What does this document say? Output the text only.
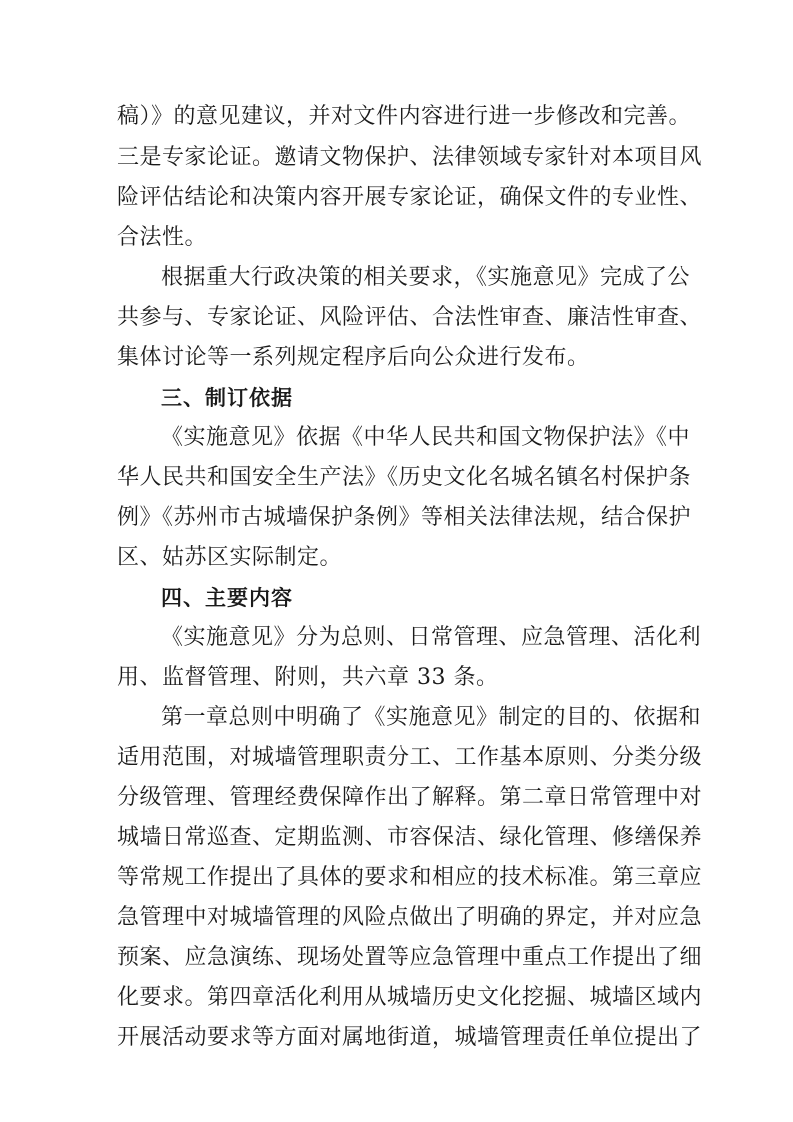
稿）》的意见建议，并对文件内容进行进一步修改和完善。
三是专家论证。邀请文物保护、法律领域专家针对本项目风
险评估结论和决策内容开展专家论证，确保文件的专业性、
合法性。
根据重大行政决策的相关要求，《实施意见》完成了公
共参与、专家论证、风险评估、合法性审查、廉洁性审查、
集体讨论等一系列规定程序后向公众进行发布。
三、制订依据
《实施意见》依据《中华人民共和国文物保护法》《中
华人民共和国安全生产法》《历史文化名城名镇名村保护条
例》《苏州市古城墙保护条例》等相关法律法规，结合保护
区、姑苏区实际制定。
四、主要内容
《实施意见》分为总则、日常管理、应急管理、活化利
用、监督管理、附则，共六章 33 条。
第一章总则中明确了《实施意见》制定的目的、依据和
适用范围，对城墙管理职责分工、工作基本原则、分类分级
分级管理、管理经费保障作出了解释。第二章日常管理中对
城墙日常巡查、定期监测、市容保洁、绿化管理、修缮保养
等常规工作提出了具体的要求和相应的技术标准。第三章应
急管理中对城墙管理的风险点做出了明确的界定，并对应急
预案、应急演练、现场处置等应急管理中重点工作提出了细
化要求。第四章活化利用从城墙历史文化挖掘、城墙区域内
开展活动要求等方面对属地街道，城墙管理责任单位提出了
